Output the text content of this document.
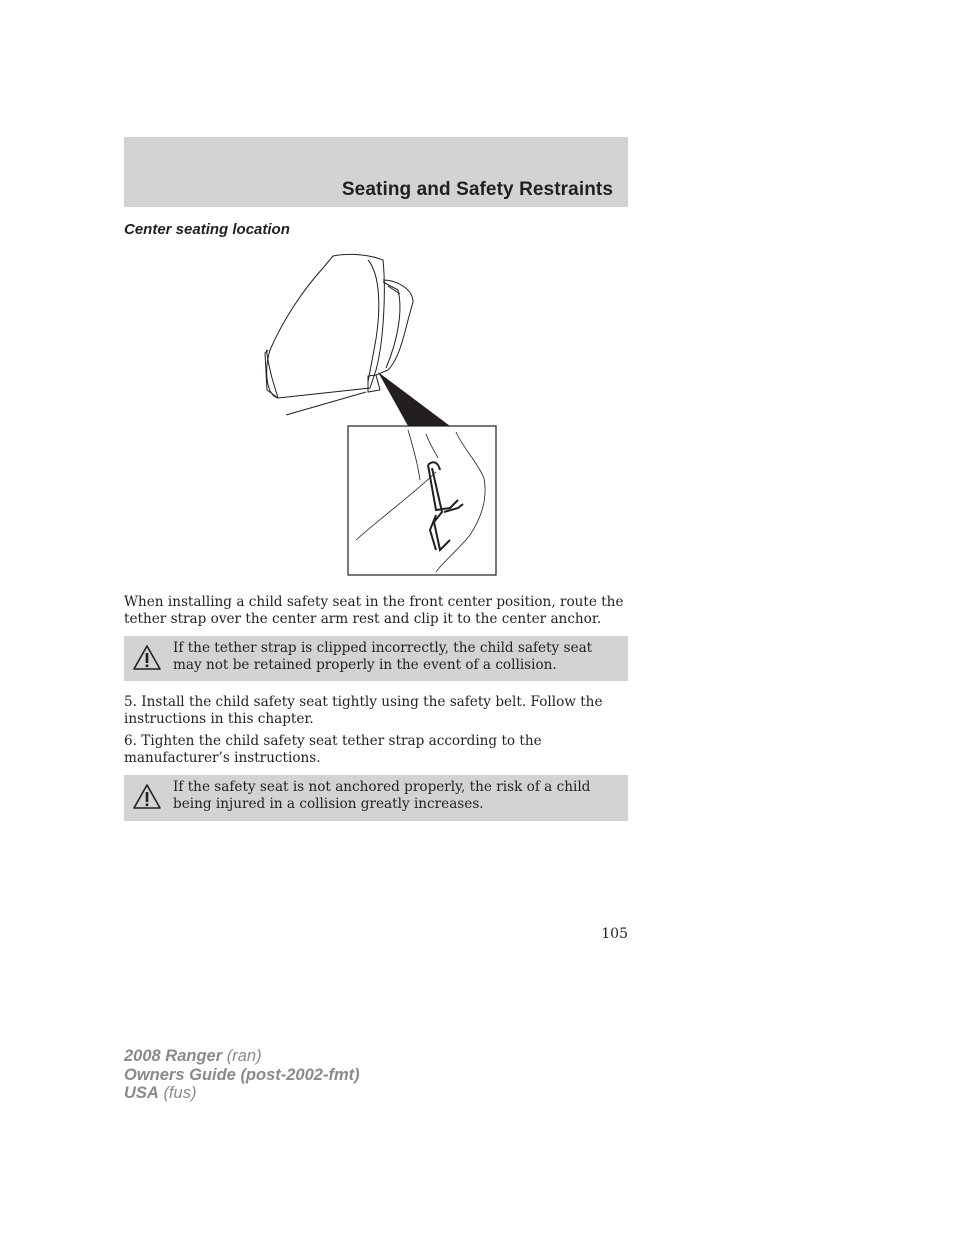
Seating and Safety Restraints
Center seating location

When installing a child safety seat in the front center position, route the tether strap over the center arm rest and clip it to the center anchor.

If the tether strap is clipped incorrectly, the child safety seat may not be retained properly in the event of a collision.

5. Install the child safety seat tightly using the safety belt. Follow the instructions in this chapter.

6. Tighten the child safety seat tether strap according to the manufacturer’s instructions.

If the safety seat is not anchored properly, the risk of a child being injured in a collision greatly increases.
105
2008 Ranger (ran)
Owners Guide (post-2002-fmt)
USA (fus)
